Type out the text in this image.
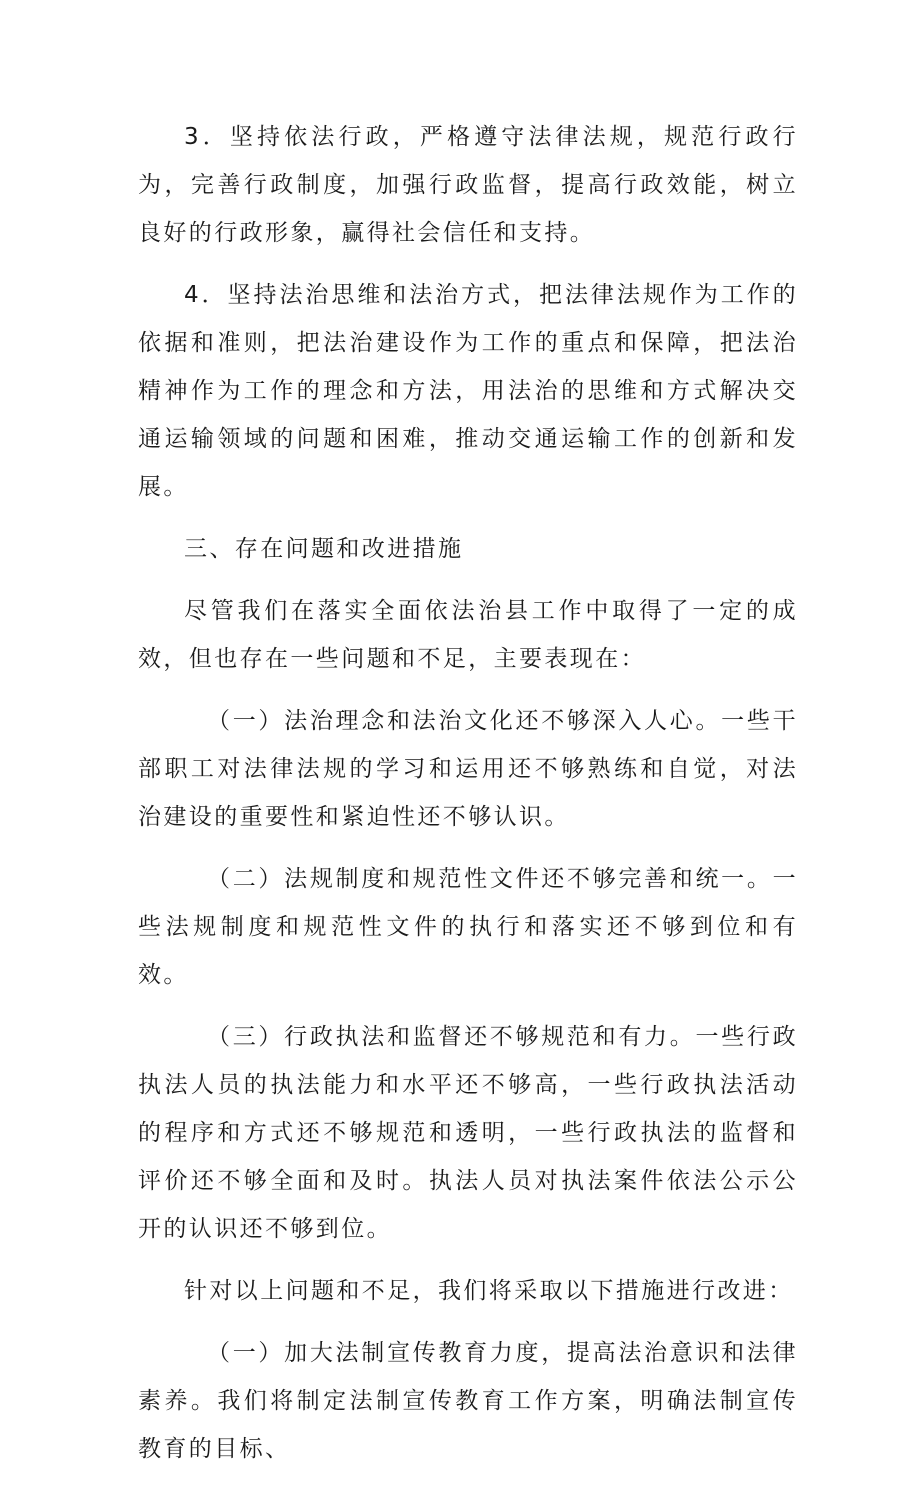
3．坚持依法行政，严格遵守法律法规，规范行政行为，完善行政制度，加强行政监督，提高行政效能，树立良好的行政形象，赢得社会信任和支持。

4．坚持法治思维和法治方式，把法律法规作为工作的依据和准则，把法治建设作为工作的重点和保障，把法治精神作为工作的理念和方法，用法治的思维和方式解决交通运输领域的问题和困难，推动交通运输工作的创新和发展。

三、存在问题和改进措施

尽管我们在落实全面依法治县工作中取得了一定的成效，但也存在一些问题和不足，主要表现在：

（一）法治理念和法治文化还不够深入人心。一些干部职工对法律法规的学习和运用还不够熟练和自觉，对法治建设的重要性和紧迫性还不够认识。

（二）法规制度和规范性文件还不够完善和统一。一些法规制度和规范性文件的执行和落实还不够到位和有效。

（三）行政执法和监督还不够规范和有力。一些行政执法人员的执法能力和水平还不够高，一些行政执法活动的程序和方式还不够规范和透明，一些行政执法的监督和评价还不够全面和及时。执法人员对执法案件依法公示公开的认识还不够到位。

针对以上问题和不足，我们将采取以下措施进行改进：

（一）加大法制宣传教育力度，提高法治意识和法律素养。我们将制定法制宣传教育工作方案，明确法制宣传教育的目标、
